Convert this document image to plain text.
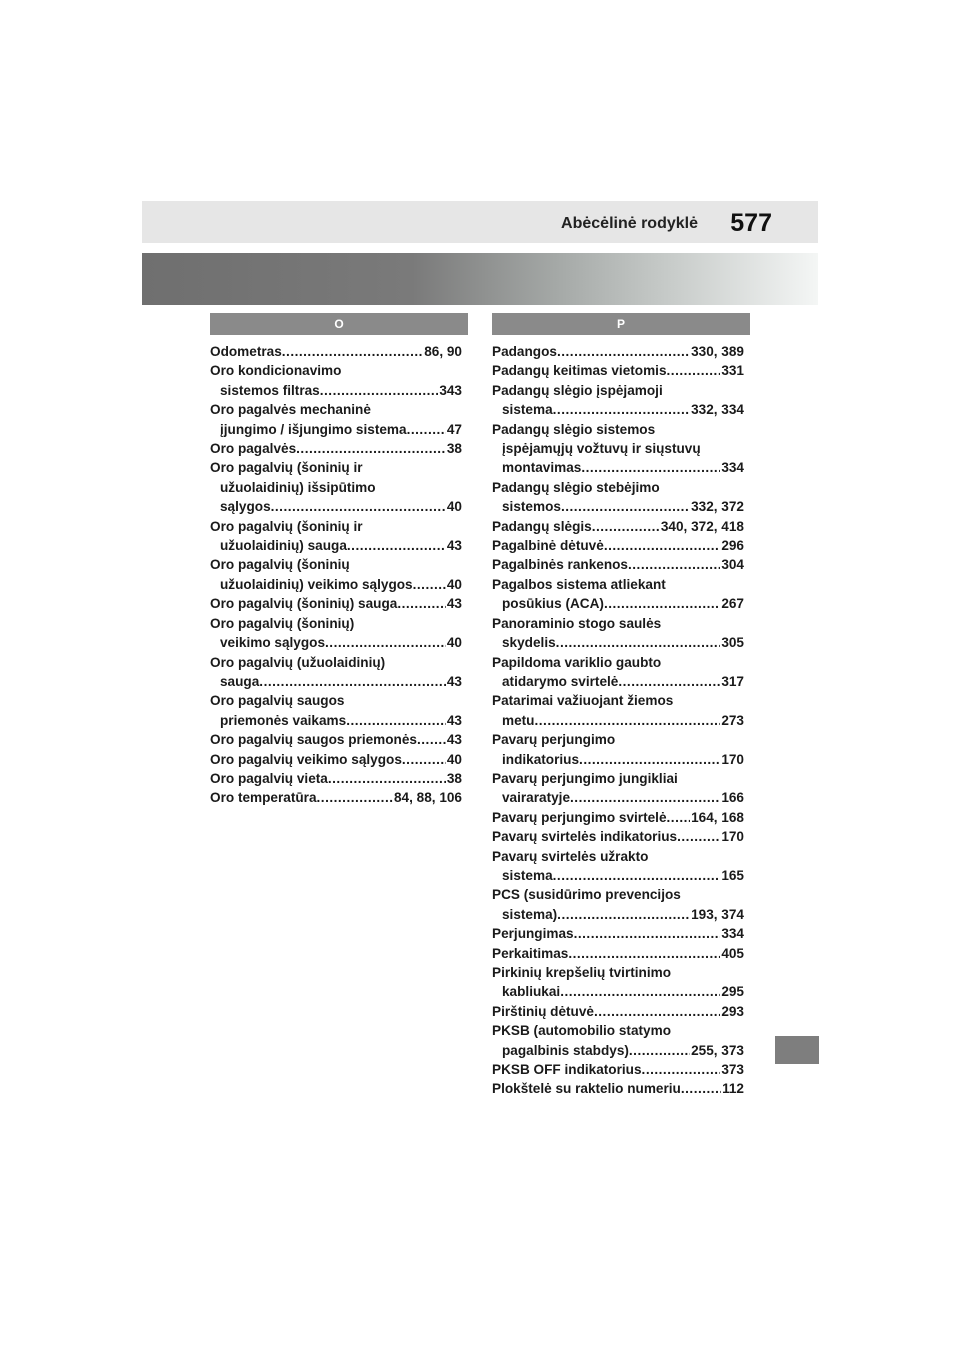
Abėcėlinė rodyklė 577
O	P
Odometras .....	86, 90
Oro kondicionavimo
sistemos filtras .....	343
Oro pagalvės mechaninė
įjungimo / išjungimo sistema .....	47
Oro pagalvės .....	38
Oro pagalvių (šoninių ir
užuolaidinių) išsipūtimo
sąlygos .....	40
Oro pagalvių (šoninių ir
užuolaidinių) sauga .....	43
Oro pagalvių (šoninių
užuolaidinių) veikimo sąlygos .....	40
Oro pagalvių (šoninių) sauga .....	43
Oro pagalvių (šoninių)
veikimo sąlygos .....	40
Oro pagalvių (užuolaidinių)
sauga .....	43
Oro pagalvių saugos
priemonės vaikams .....	43
Oro pagalvių saugos priemonės ..... 43
Oro pagalvių veikimo sąlygos .....	40
Oro pagalvių vieta .....	38
Oro temperatūra .....	84, 88, 106
Padangos .....	330, 389
Padangų keitimas vietomis .....	331
Padangų slėgio įspėjamoji
sistema .....	332, 334
Padangų slėgio sistemos
įspėjamųjų vožtuvų ir siųstuvų
montavimas .....	334
Padangų slėgio stebėjimo
sistemos .....	332, 372
Padangų slėgis .....	340, 372, 418
Pagalbinė dėtuvė .....	296
Pagalbinės rankenos .....	304
Pagalbos sistema atliekant
posūkius (ACA) .....	267
Panoraminio stogo saulės
skydelis .....	305
Papildoma variklio gaubto
atidarymo svirtelė .....	317
Patarimai važiuojant žiemos
metu .....	273
Pavarų perjungimo
indikatorius .....	170
Pavarų perjungimo jungikliai
vairaratyje .....	166
Pavarų perjungimo svirtelė ..... 164, 168
Pavarų svirtelės indikatorius .....	170
Pavarų svirtelės užrakto
sistema .....	165
PCS (susidūrimo prevencijos
sistema) .....	193, 374
Perjungimas .....	334
Perkaitimas .....	405
Pirkinių krepšelių tvirtinimo
kabliukai .....	295
Pirštinių dėtuvė .....	293
PKSB (automobilio statymo
pagalbinis stabdys) .....	255, 373
PKSB OFF indikatorius .....	373
Plokštelė su raktelio numeriu .....	112
